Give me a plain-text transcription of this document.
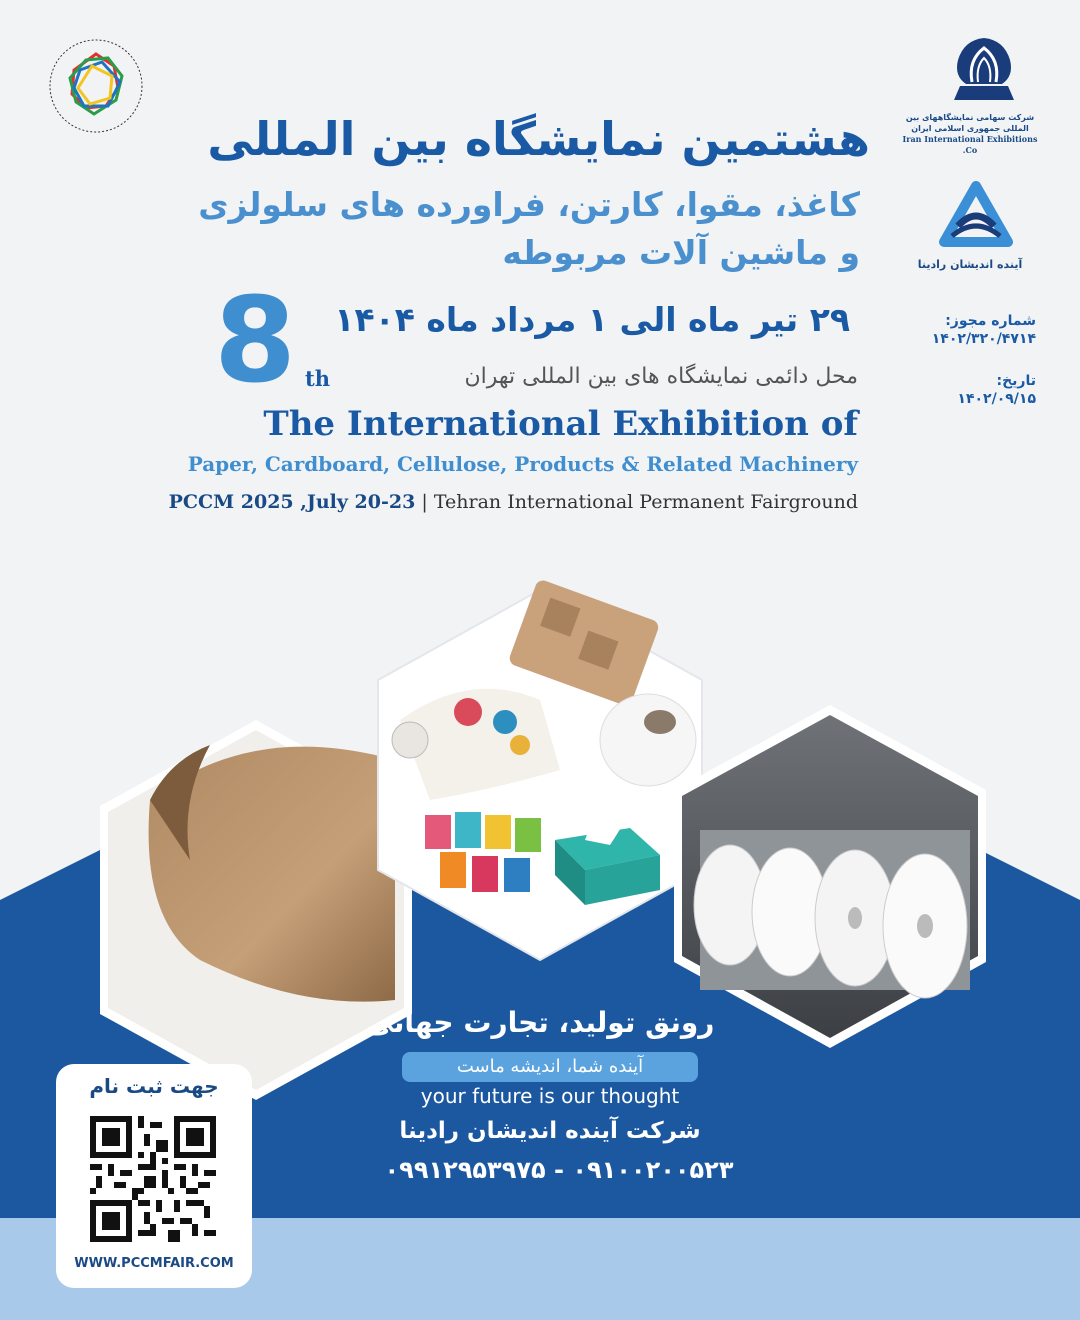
شرکت سهامی نمایشگاههای بین المللی جمهوری اسلامی ایران
Iran International Exhibitions Co.
آینده اندیشان رادینا
شماره مجوز:
۱۴۰۲/۳۲۰/۴۷۱۴
تاریخ:
۱۴۰۲/۰۹/۱۵
هشتمین نمایشگاه بین المللی
کاغذ، مقوا، کارتن، فراورده های سلولزی
و ماشین آلات مربوطه
۲۹ تیر ماه الی ۱ مرداد ماه ۱۴۰۴
8 th	محل دائمی نمایشگاه های بین المللی تهران
The International Exhibition of
Paper, Cardboard, Cellulose, Products & Related Machinery
PCCM 2025 ,July 20-23 | Tehran International Permanent Fairground
رونق تولید، تجارت جهانی
آینده شما، اندیشه ماست
your future is our thought
شرکت آینده اندیشان رادینا
۰۹۱۰۰۲۰۰۵۲۳ - ۰۹۹۱۲۹۵۳۹۷۵
جهت ثبت نام
WWW.PCCMFAIR.COM
